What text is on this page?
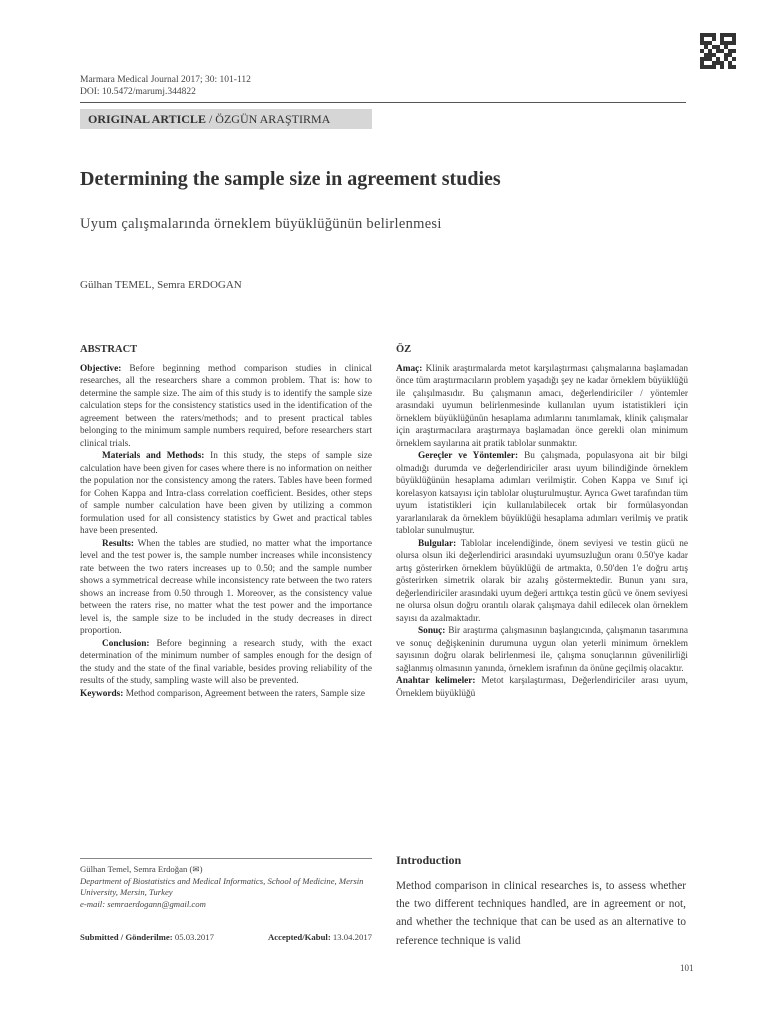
Marmara Medical Journal 2017; 30: 101-112
DOI: 10.5472/marumj.344822
ORIGINAL ARTICLE / ÖZGÜN ARAŞTIRMA
Determining the sample size in agreement studies
Uyum çalışmalarında örneklem büyüklüğünün belirlenmesi
Gülhan TEMEL, Semra ERDOGAN
ABSTRACT

Objective: Before beginning method comparison studies in clinical researches, all the researchers share a common problem. That is: how to determine the sample size. The aim of this study is to identify the sample size calculation steps for the consistency statistics used in the identification of the agreement between the raters/methods; and to present practical tables belonging to the minimum sample numbers required, before researchers start clinical trials.

Materials and Methods: In this study, the steps of sample size calculation have been given for cases where there is no information on neither the population nor the consistency among the raters. Tables have been formed for Cohen Kappa and Intra-class correlation coefficient. Besides, other steps of sample number calculation have been given by utilizing a common formulation used for all consistency statistics by Gwet and practical tables have been presented.

Results: When the tables are studied, no matter what the importance level and the test power is, the sample number increases while inconsistency rate between the two raters increases up to 0.50; and the sample number shows a symmetrical decrease while inconsistency rate between the two raters shows an increase from 0.50 through 1. Moreover, as the consistency value between the raters rise, no matter what the test power and the importance level is, the sample size to be included in the study decreases in direct proportion.

Conclusion: Before beginning a research study, with the exact determination of the minimum number of samples enough for the design of the study and the state of the final variable, besides proving reliability of the results of the study, sampling waste will also be prevented.

Keywords: Method comparison, Agreement between the raters, Sample size

ÖZ

Amaç: Klinik araştırmalarda metot karşılaştırması çalışmalarına başlamadan önce tüm araştırmacıların problem yaşadığı şey ne kadar örneklem büyüklüğü ile çalışılmasıdır. Bu çalışmanın amacı, değerlendiriciler / yöntemler arasındaki uyumun belirlenmesinde kullanılan uyum istatistikleri için örneklem büyüklüğünün hesaplama adımlarını tanımlamak, klinik çalışmalar için araştırmacılara araştırmaya başlamadan önce gerekli olan minimum örneklem sayılarına ait pratik tablolar sunmaktır.

Gereçler ve Yöntemler: Bu çalışmada, populasyona ait bir bilgi olmadığı durumda ve değerlendiriciler arası uyum bilindiğinde örneklem büyüklüğünün hesaplama adımları verilmiştir. Cohen Kappa ve Sınıf içi korelasyon katsayısı için tablolar oluşturulmuştur. Ayrıca Gwet tarafından tüm uyum istatistikleri için kullanılabilecek ortak bir formülasyondan yararlanılarak da örneklem büyüklüğü hesaplama adımları verilmiş ve pratik tablolar sunulmuştur.

Bulgular: Tablolar incelendiğinde, önem seviyesi ve testin gücü ne olursa olsun iki değerlendirici arasındaki uyumsuzluğun oranı 0.50'ye kadar artış gösterirken örneklem büyüklüğü de artmakta, 0.50'den 1'e doğru artış gösterirken simetrik olarak bir azalış göstermektedir. Bunun yanı sıra, değerlendiriciler arasındaki uyum değeri arttıkça testin gücü ve önem seviyesi ne olursa olsun doğru orantılı olarak çalışmaya dahil edilecek olan örneklem sayısı da azalmaktadır.

Sonuç: Bir araştırma çalışmasının başlangıcında, çalışmanın tasarımına ve sonuç değişkeninin durumuna uygun olan yeterli minimum örneklem sayısının doğru olarak belirlenmesi ile, çalışma sonuçlarının güvenilirliği sağlanmış olmasının yanında, örneklem israfının da önüne geçilmiş olacaktır.

Anahtar kelimeler: Metot karşılaştırması, Değerlendiriciler arası uyum, Örneklem büyüklüğü

Gülhan Temel, Semra Erdoğan (✉)
Department of Biostatistics and Medical Informatics, School of Medicine, Mersin University, Mersin, Turkey
e-mail: semraerdogann@gmail.com
Submitted / Gönderilme: 05.03.2017	Accepted/Kabul: 13.04.2017
Introduction
Method comparison in clinical researches is, to assess whether the two different techniques handled, are in agreement or not, and whether the technique that can be used as an alternative to reference technique is valid
101
